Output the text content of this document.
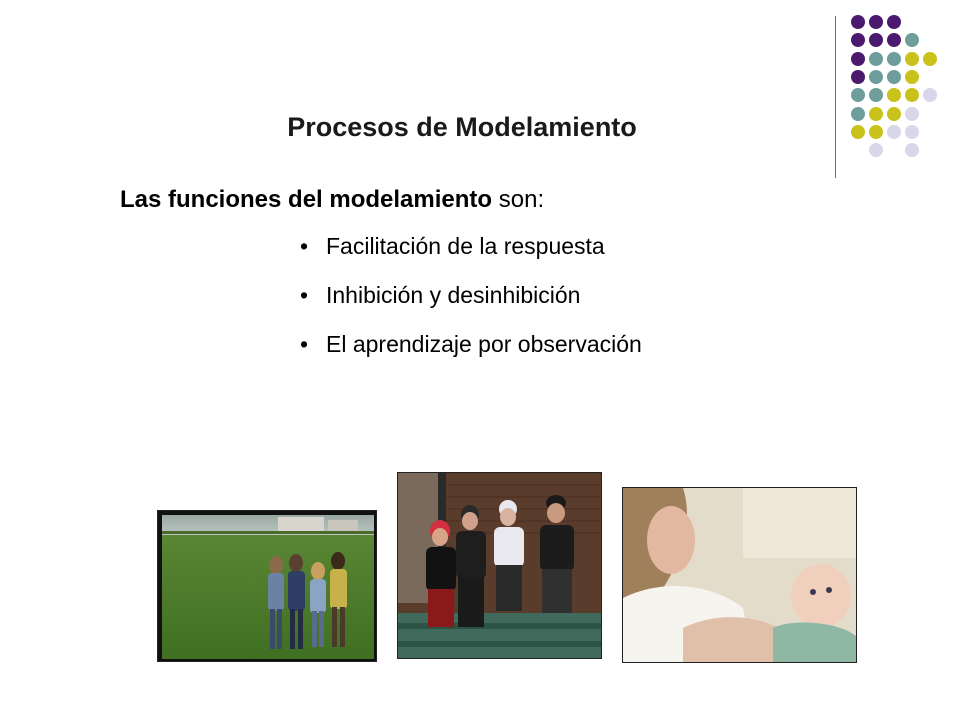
Procesos de Modelamiento
Las funciones del modelamiento son:
• Facilitación de la respuesta
• Inhibición y desinhibición
• El aprendizaje por observación
